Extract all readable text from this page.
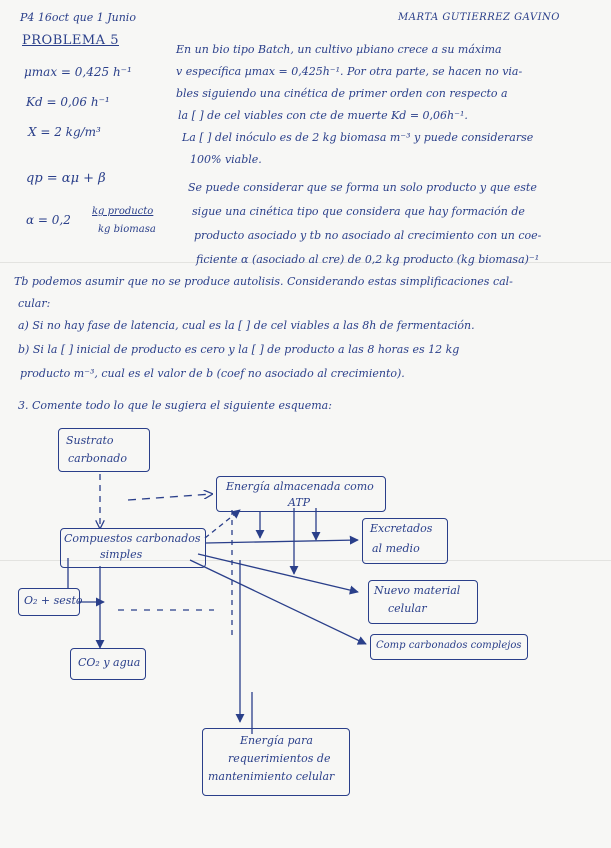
P4 16oct que 1 Junio	MARTA GUTIERREZ GAVINO
PROBLEMA 5
μmax = 0,425 h⁻¹
Kd = 0,06 h⁻¹
X = 2 kg/m³
qp = αμ + β
α = 0,2
kg producto
kg biomasa
En un bio tipo Batch, un cultivo µbiano crece a su máxima
v específica µmax = 0,425h⁻¹. Por otra parte, se hacen no via-
bles siguiendo una cinética de primer orden con respecto a
la [ ] de cel viables con cte de muerte Kd = 0,06h⁻¹.
La [ ] del inóculo es de 2 kg biomasa m⁻³ y puede considerarse
100% viable.
Se puede considerar que se forma un solo producto y que este
sigue una cinética tipo que considera que hay formación de
producto asociado y tb no asociado al crecimiento con un coe-
ficiente α (asociado al cre) de 0,2 kg producto (kg biomasa)⁻¹
Tb podemos asumir que no se produce autolisis. Considerando estas simplificaciones cal-
cular:
a) Si no hay fase de latencia, cual es la [ ] de cel viables a las 8h de fermentación.
b) Si la [ ] inicial de producto es cero y la [ ] de producto a las 8 horas es 12 kg
producto m⁻³, cual es el valor de b (coef no asociado al crecimiento).
3. Comente todo lo que le sugiera el siguiente esquema:
Sustrato
carbonado
Energía almacenada como
ATP
Compuestos carbonados
simples
Excretados
al medio
Nuevo material
celular
Comp carbonados complejos
O₂ + sesto
CO₂ y agua
Energía para
requerimientos de
mantenimiento celular
